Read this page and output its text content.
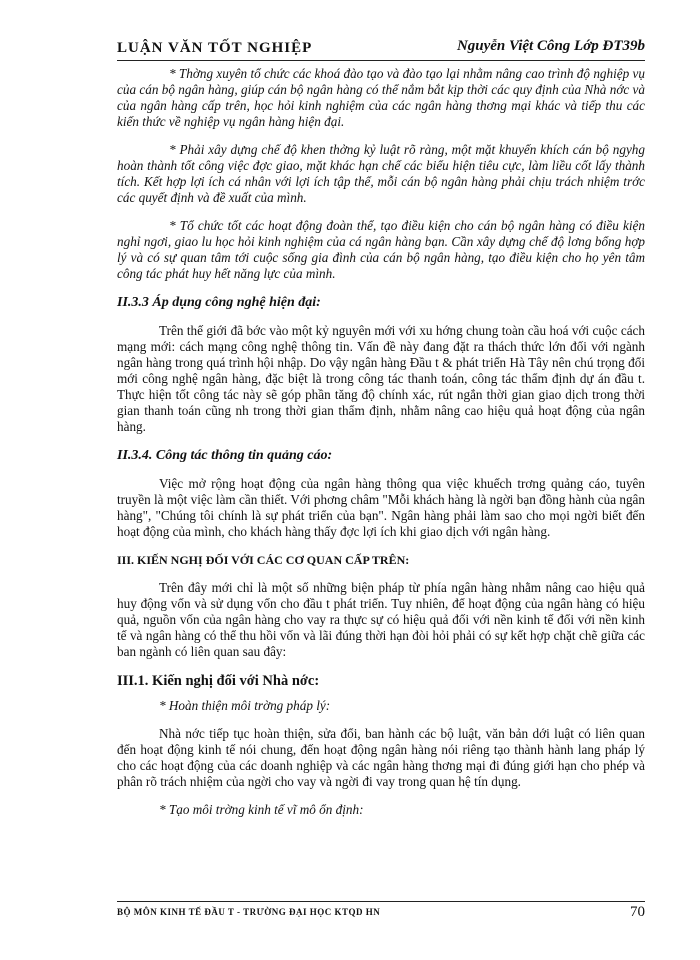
LUẬN VĂN TỐT NGHIỆP	Nguyễn Việt Công Lớp ĐT39b

* Thờng xuyên tổ chức các khoá đào tạo và đào tạo lại nhằm nâng cao trình độ nghiệp vụ của cán bộ ngân hàng, giúp cán bộ ngân hàng có thể nắm bắt kịp thời các quy định của Nhà nớc và của ngân hàng cấp trên, học hỏi kinh nghiệm của các ngân hàng thơng mại khác và tiếp thu các kiến thức về nghiệp vụ ngân hàng hiện đại.

* Phải xây dựng chế độ khen thởng kỷ luật rõ ràng, một mặt khuyến khích cán bộ ngyhg hoàn thành tốt công việc đợc giao, mặt khác hạn chế các biểu hiện tiêu cực, làm liều cốt lấy thành tích. Kết hợp lợi ích cá nhân với lợi ích tập thể, mỗi cán bộ ngân hàng phải chịu trách nhiệm trớc các quyết định và đề xuất của mình.

* Tổ chức tốt các hoạt động đoàn thể, tạo điều kiện cho cán bộ ngân hàng có điều kiện nghỉ ngơi, giao lu học hỏi kinh nghiệm của cá ngân hàng bạn. Cần xây dựng chế độ lơng bổng hợp lý và có sự quan tâm tới cuộc sống gia đình của cán bộ ngân hàng, tạo điều kiện cho họ yên tâm công tác phát huy hết năng lực của mình.

II.3.3 Áp dụng công nghệ hiện đại:

Trên thế giới đã bớc vào một kỷ nguyên mới với xu hớng chung toàn cầu hoá với cuộc cách mạng mới: cách mạng công nghệ thông tin. Vấn đề này đang đặt ra thách thức lớn đối với ngành ngân hàng trong quá trình hội nhập. Do vậy ngân hàng Đầu t & phát triển Hà Tây nên chú trọng đổi mới công nghệ ngân hàng, đặc biệt là trong công tác thanh toán, công tác thẩm định dự án đầu t. Thực hiện tốt công tác này sẽ góp phần tăng độ chính xác, rút ngắn thời gian giao dịch trong thời gian thanh toán cũng nh trong thời gian thẩm định, nhằm nâng cao hiệu quả hoạt động của ngân hàng.

II.3.4. Công tác thông tin quảng cáo:

Việc mở rộng hoạt động của ngân hàng thông qua việc khuếch trơng quảng cáo, tuyên truyền là một việc làm cần thiết. Với phơng châm "Mỗi khách hàng là ngời bạn đồng hành của ngân hàng", "Chúng tôi chính là sự phát triển của bạn". Ngân hàng phải làm sao cho mọi ngời biết đến hoạt động của mình, cho khách hàng thấy đợc lợi ích khi giao dịch với ngân hàng.

III. KIẾN NGHỊ ĐỐI VỚI CÁC CƠ QUAN CẤP TRÊN:

Trên đây mới chỉ là một số những biện pháp từ phía ngân hàng nhằm nâng cao hiệu quả huy động vốn và sử dụng vốn cho đầu t phát triển. Tuy nhiên, để hoạt động của ngân hàng có hiệu quả, nguồn vốn của ngân hàng cho vay ra thực sự có hiệu quả đối với nền kinh tế đối với nền kinh tế và ngân hàng có thể thu hồi vốn và lãi đúng thời hạn đòi hỏi phải có sự kết hợp chặt chẽ giữa các ban ngành có liên quan sau đây:

III.1. Kiến nghị đối với Nhà nớc:

* Hoàn thiện môi trờng pháp lý:

Nhà nớc tiếp tục hoàn thiện, sửa đổi, ban hành các bộ luật, văn bản dới luật có liên quan đến hoạt động kinh tế nói chung, đến hoạt động ngân hàng nói riêng tạo thành hành lang pháp lý cho các hoạt động của các doanh nghiệp và các ngân hàng thơng mại đi đúng giới hạn cho phép và phân rõ trách nhiệm của ngời cho vay và ngời đi vay trong quan hệ tín dụng.

* Tạo môi trờng kinh tế vĩ mô ổn định:

BỘ MÔN KINH TẾ ĐẦU T - TRƯỜNG ĐẠI HỌC KTQD HN	70
